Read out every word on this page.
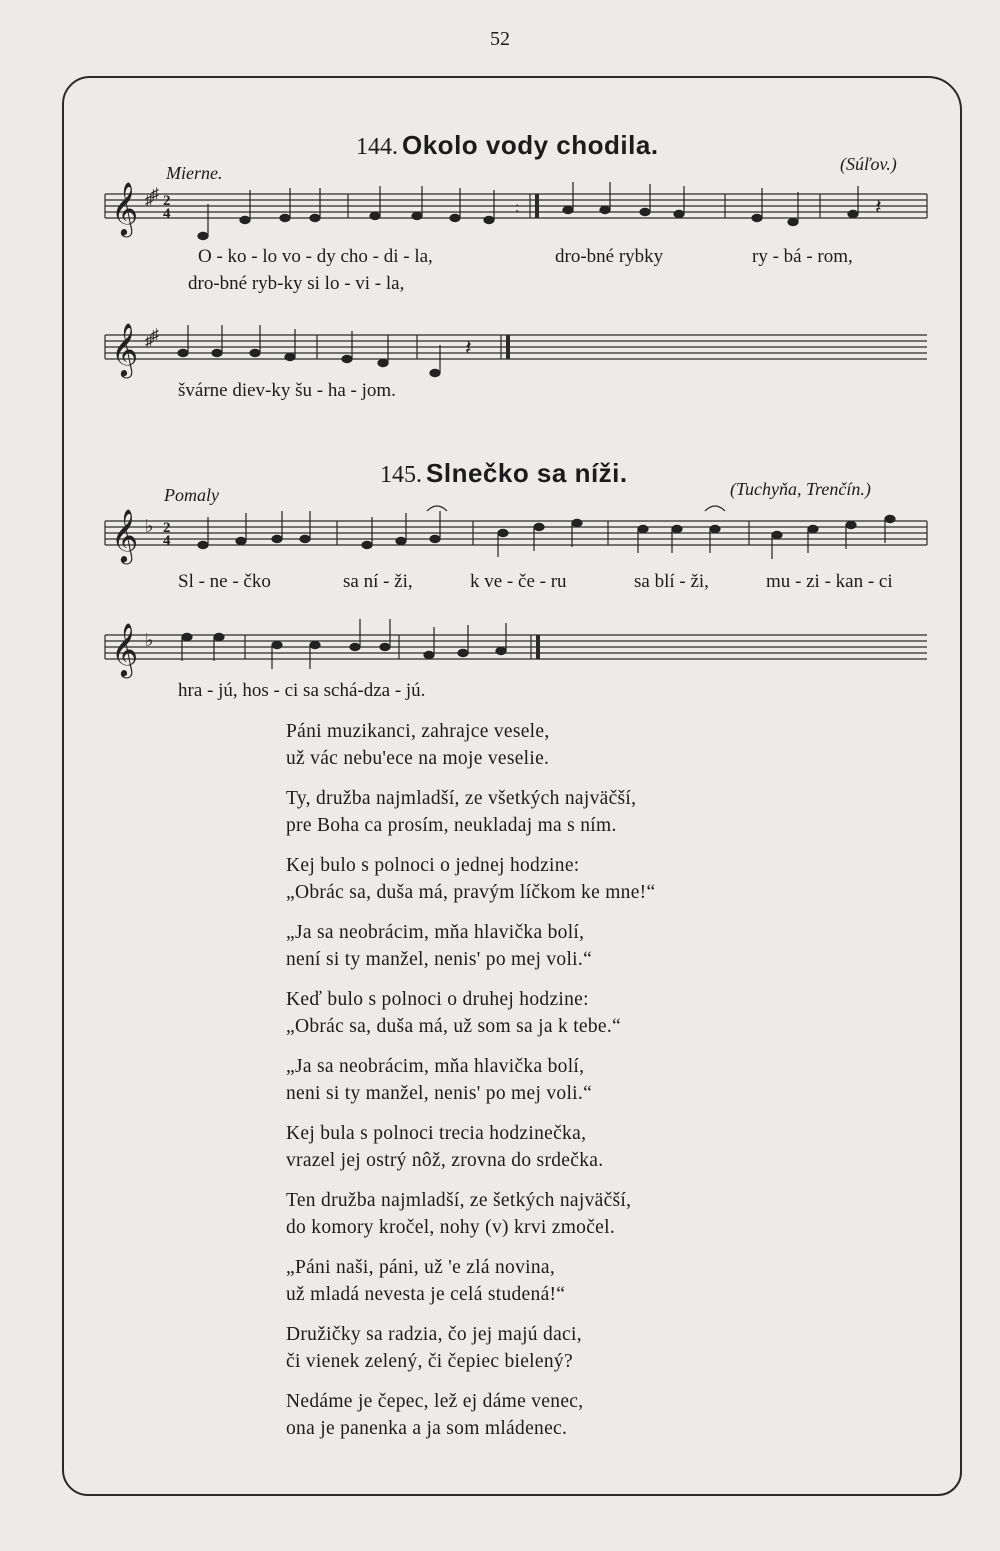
52
144. Okolo vody chodila.
Mierne.	(Súľov.)
𝄞 ♯
♯ 2
4	𝄽
:
O - ko - lo vo - dy cho - di - la,	dro-bné rybky	ry - bá - rom,
dro-bné ryb-ky si lo - vi - la,
𝄞 ♯
♯	𝄽
švárne diev-ky šu - ha - jom.
145. Slnečko sa níži.
Pomaly	(Tuchyňa, Trenčín.)
𝄞 ♭ 2
4
Sl - ne - čko	sa ní - ži,	k ve - če - ru	sa blí - ži,	mu - zi - kan - ci
𝄞 ♭
hra - jú, hos - ci sa schá-dza - jú.
Páni muzikanci, zahrajce vesele,
už vác nebu'ece na moje veselie.
Ty, družba najmladší, ze všetkých najväčší,
pre Boha ca prosím, neukladaj ma s ním.
Kej bulo s polnoci o jednej hodzine:
„Obrác sa, duša má, pravým líčkom ke mne!“
„Ja sa neobrácim, mňa hlavička bolí,
není si ty manžel, nenis' po mej voli.“
Keď bulo s polnoci o druhej hodzine:
„Obrác sa, duša má, už som sa ja k tebe.“
„Ja sa neobrácim, mňa hlavička bolí,
neni si ty manžel, nenis' po mej voli.“
Kej bula s polnoci trecia hodzinečka,
vrazel jej ostrý nôž, zrovna do srdečka.
Ten družba najmladší, ze šetkých najväčší,
do komory kročel, nohy (v) krvi zmočel.
„Páni naši, páni, už 'e zlá novina,
už mladá nevesta je celá studená!“
Družičky sa radzia, čo jej majú daci,
či vienek zelený, či čepiec bielený?
Nedáme je čepec, lež ej dáme venec,
ona je panenka a ja som mládenec.
